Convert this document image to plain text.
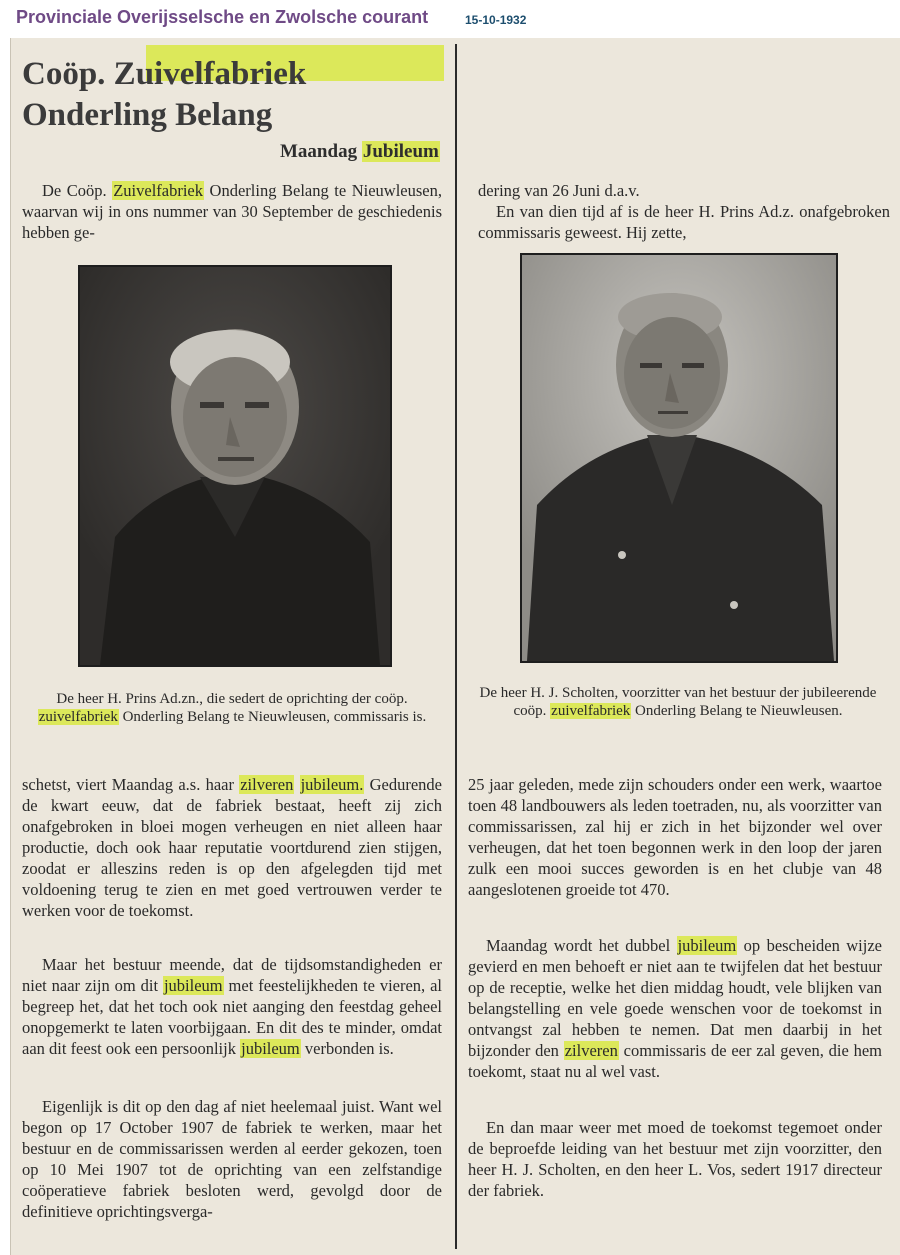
Provinciale Overijsselsche en Zwolsche courant	15-10-1932
Coöp. Zuivelfabriek
Onderling Belang
Maandag Jubileum

De Coöp. Zuivelfabriek Onderling Belang te Nieuwleusen, waarvan wij in ons nummer van 30 September de geschiedenis hebben ge-

De heer H. Prins Ad.zn., die sedert de oprichting der coöp. zuivelfabriek Onderling Belang te Nieuwleusen, commissaris is.

schetst, viert Maandag a.s. haar zilveren jubileum. Gedurende de kwart eeuw, dat de fabriek bestaat, heeft zij zich onafgebroken in bloei mogen verheugen en niet alleen haar productie, doch ook haar reputatie voortdurend zien stijgen, zoodat er alleszins reden is op den afgelegden tijd met voldoening terug te zien en met goed vertrouwen verder te werken voor de toekomst.

Maar het bestuur meende, dat de tijdsomstandigheden er niet naar zijn om dit jubileum met feestelijkheden te vieren, al begreep het, dat het toch ook niet aanging den feestdag geheel onopgemerkt te laten voorbijgaan. En dit des te minder, omdat aan dit feest ook een persoonlijk jubileum verbonden is.

Eigenlijk is dit op den dag af niet heelemaal juist. Want wel begon op 17 October 1907 de fabriek te werken, maar het bestuur en de commissarissen werden al eerder gekozen, toen op 10 Mei 1907 tot de oprichting van een zelfstandige coöperatieve fabriek besloten werd, gevolgd door de definitieve oprichtingsverga-

dering van 26 Juni d.a.v.

En van dien tijd af is de heer H. Prins Ad.z. onafgebroken commissaris geweest. Hij zette,

De heer H. J. Scholten, voorzitter van het bestuur der jubileerende coöp. zuivelfabriek Onderling Belang te Nieuwleusen.

25 jaar geleden, mede zijn schouders onder een werk, waartoe toen 48 landbouwers als leden toetraden, nu, als voorzitter van commissarissen, zal hij er zich in het bijzonder wel over verheugen, dat het toen begonnen werk in den loop der jaren zulk een mooi succes geworden is en het clubje van 48 aangeslotenen groeide tot 470.

Maandag wordt het dubbel jubileum op bescheiden wijze gevierd en men behoeft er niet aan te twijfelen dat het bestuur op de receptie, welke het dien middag houdt, vele blijken van belangstelling en vele goede wenschen voor de toekomst in ontvangst zal hebben te nemen. Dat men daarbij in het bijzonder den zilveren commissaris de eer zal geven, die hem toekomt, staat nu al wel vast.

En dan maar weer met moed de toekomst tegemoet onder de beproefde leiding van het bestuur met zijn voorzitter, den heer H. J. Scholten, en den heer L. Vos, sedert 1917 directeur der fabriek.
